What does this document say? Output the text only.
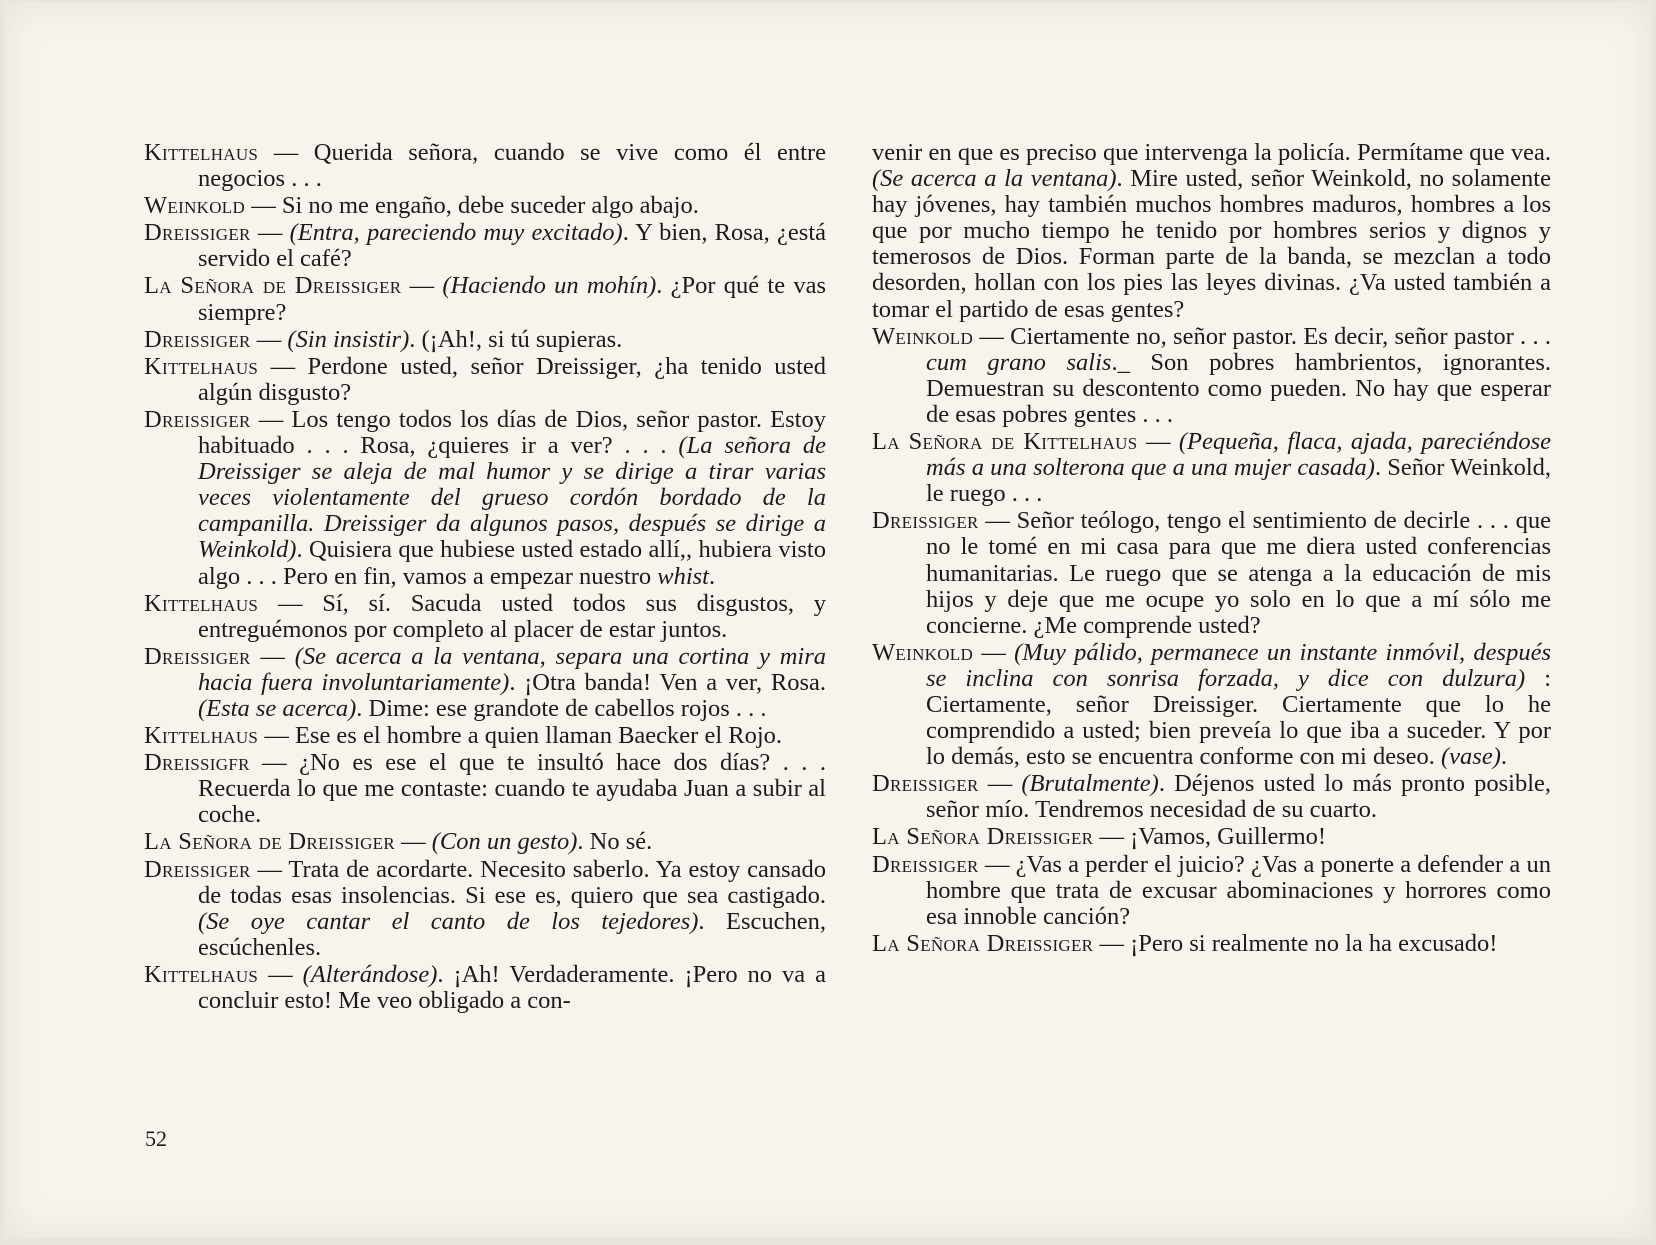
Kittelhaus — Querida señora, cuando se vive como él entre negocios . . .

Weinkold — Si no me engaño, debe suceder algo abajo.

Dreissiger — (Entra, pareciendo muy excitado). Y bien, Rosa, ¿está servido el café?

La Señora de Dreissiger — (Haciendo un mohín). ¿Por qué te vas siempre?

Dreissiger — (Sin insistir). (¡Ah!, si tú supieras.

Kittelhaus — Perdone usted, señor Dreissiger, ¿ha tenido usted algún disgusto?

Dreissiger — Los tengo todos los días de Dios, señor pastor. Estoy habituado . . . Rosa, ¿quieres ir a ver? . . . (La señora de Dreissiger se aleja de mal humor y se dirige a tirar varias veces violentamente del grueso cordón bordado de la campanilla. Dreissiger da algunos pasos, después se dirige a Weinkold). Quisiera que hubiese usted estado allí,, hubiera visto algo . . . Pero en fin, vamos a empezar nuestro whist.

Kittelhaus — Sí, sí. Sacuda usted todos sus disgustos, y entreguémonos por completo al placer de estar juntos.

Dreissiger — (Se acerca a la ventana, separa una cortina y mira hacia fuera involuntariamente). ¡Otra banda! Ven a ver, Rosa. (Esta se acerca). Dime: ese grandote de cabellos rojos . . .

Kittelhaus — Ese es el hombre a quien llaman Baecker el Rojo.

Dreissigfr — ¿No es ese el que te insultó hace dos días? . . . Recuerda lo que me contaste: cuando te ayudaba Juan a subir al coche.

La Señora de Dreissiger — (Con un gesto). No sé.

Dreissiger — Trata de acordarte. Necesito saberlo. Ya estoy cansado de todas esas insolencias. Si ese es, quiero que sea castigado. (Se oye cantar el canto de los tejedores). Escuchen, escúchenles.

Kittelhaus — (Alterándose). ¡Ah! Verdaderamente. ¡Pero no va a concluir esto! Me veo obligado a con-

venir en que es preciso que intervenga la policía. Permítame que vea. (Se acerca a la ventana). Mire usted, señor Weinkold, no solamente hay jóvenes, hay también muchos hombres maduros, hombres a los que por mucho tiempo he tenido por hombres serios y dignos y temerosos de Dios. Forman parte de la banda, se mezclan a todo desorden, hollan con los pies las leyes divinas. ¿Va usted también a tomar el partido de esas gentes?

Weinkold — Ciertamente no, señor pastor. Es decir, señor pastor . . . cum grano salis._ Son pobres hambrientos, ignorantes. Demuestran su descontento como pueden. No hay que esperar de esas pobres gentes . . .

La Señora de Kittelhaus — (Pequeña, flaca, ajada, pareciéndose más a una solterona que a una mujer casada). Señor Weinkold, le ruego . . .

Dreissiger — Señor teólogo, tengo el sentimiento de decirle . . . que no le tomé en mi casa para que me diera usted conferencias humanitarias. Le ruego que se atenga a la educación de mis hijos y deje que me ocupe yo solo en lo que a mí sólo me concierne. ¿Me comprende usted?

Weinkold — (Muy pálido, permanece un instante inmóvil, después se inclina con sonrisa forzada, y dice con dulzura) : Ciertamente, señor Dreissiger. Ciertamente que lo he comprendido a usted; bien preveía lo que iba a suceder. Y por lo demás, esto se encuentra conforme con mi deseo. (vase).

Dreissiger — (Brutalmente). Déjenos usted lo más pronto posible, señor mío. Tendremos necesidad de su cuarto.

La Señora Dreissiger — ¡Vamos, Guillermo!

Dreissiger — ¿Vas a perder el juicio? ¿Vas a ponerte a defender a un hombre que trata de excusar abominaciones y horrores como esa innoble canción?

La Señora Dreissiger — ¡Pero si realmente no la ha excusado!

52
